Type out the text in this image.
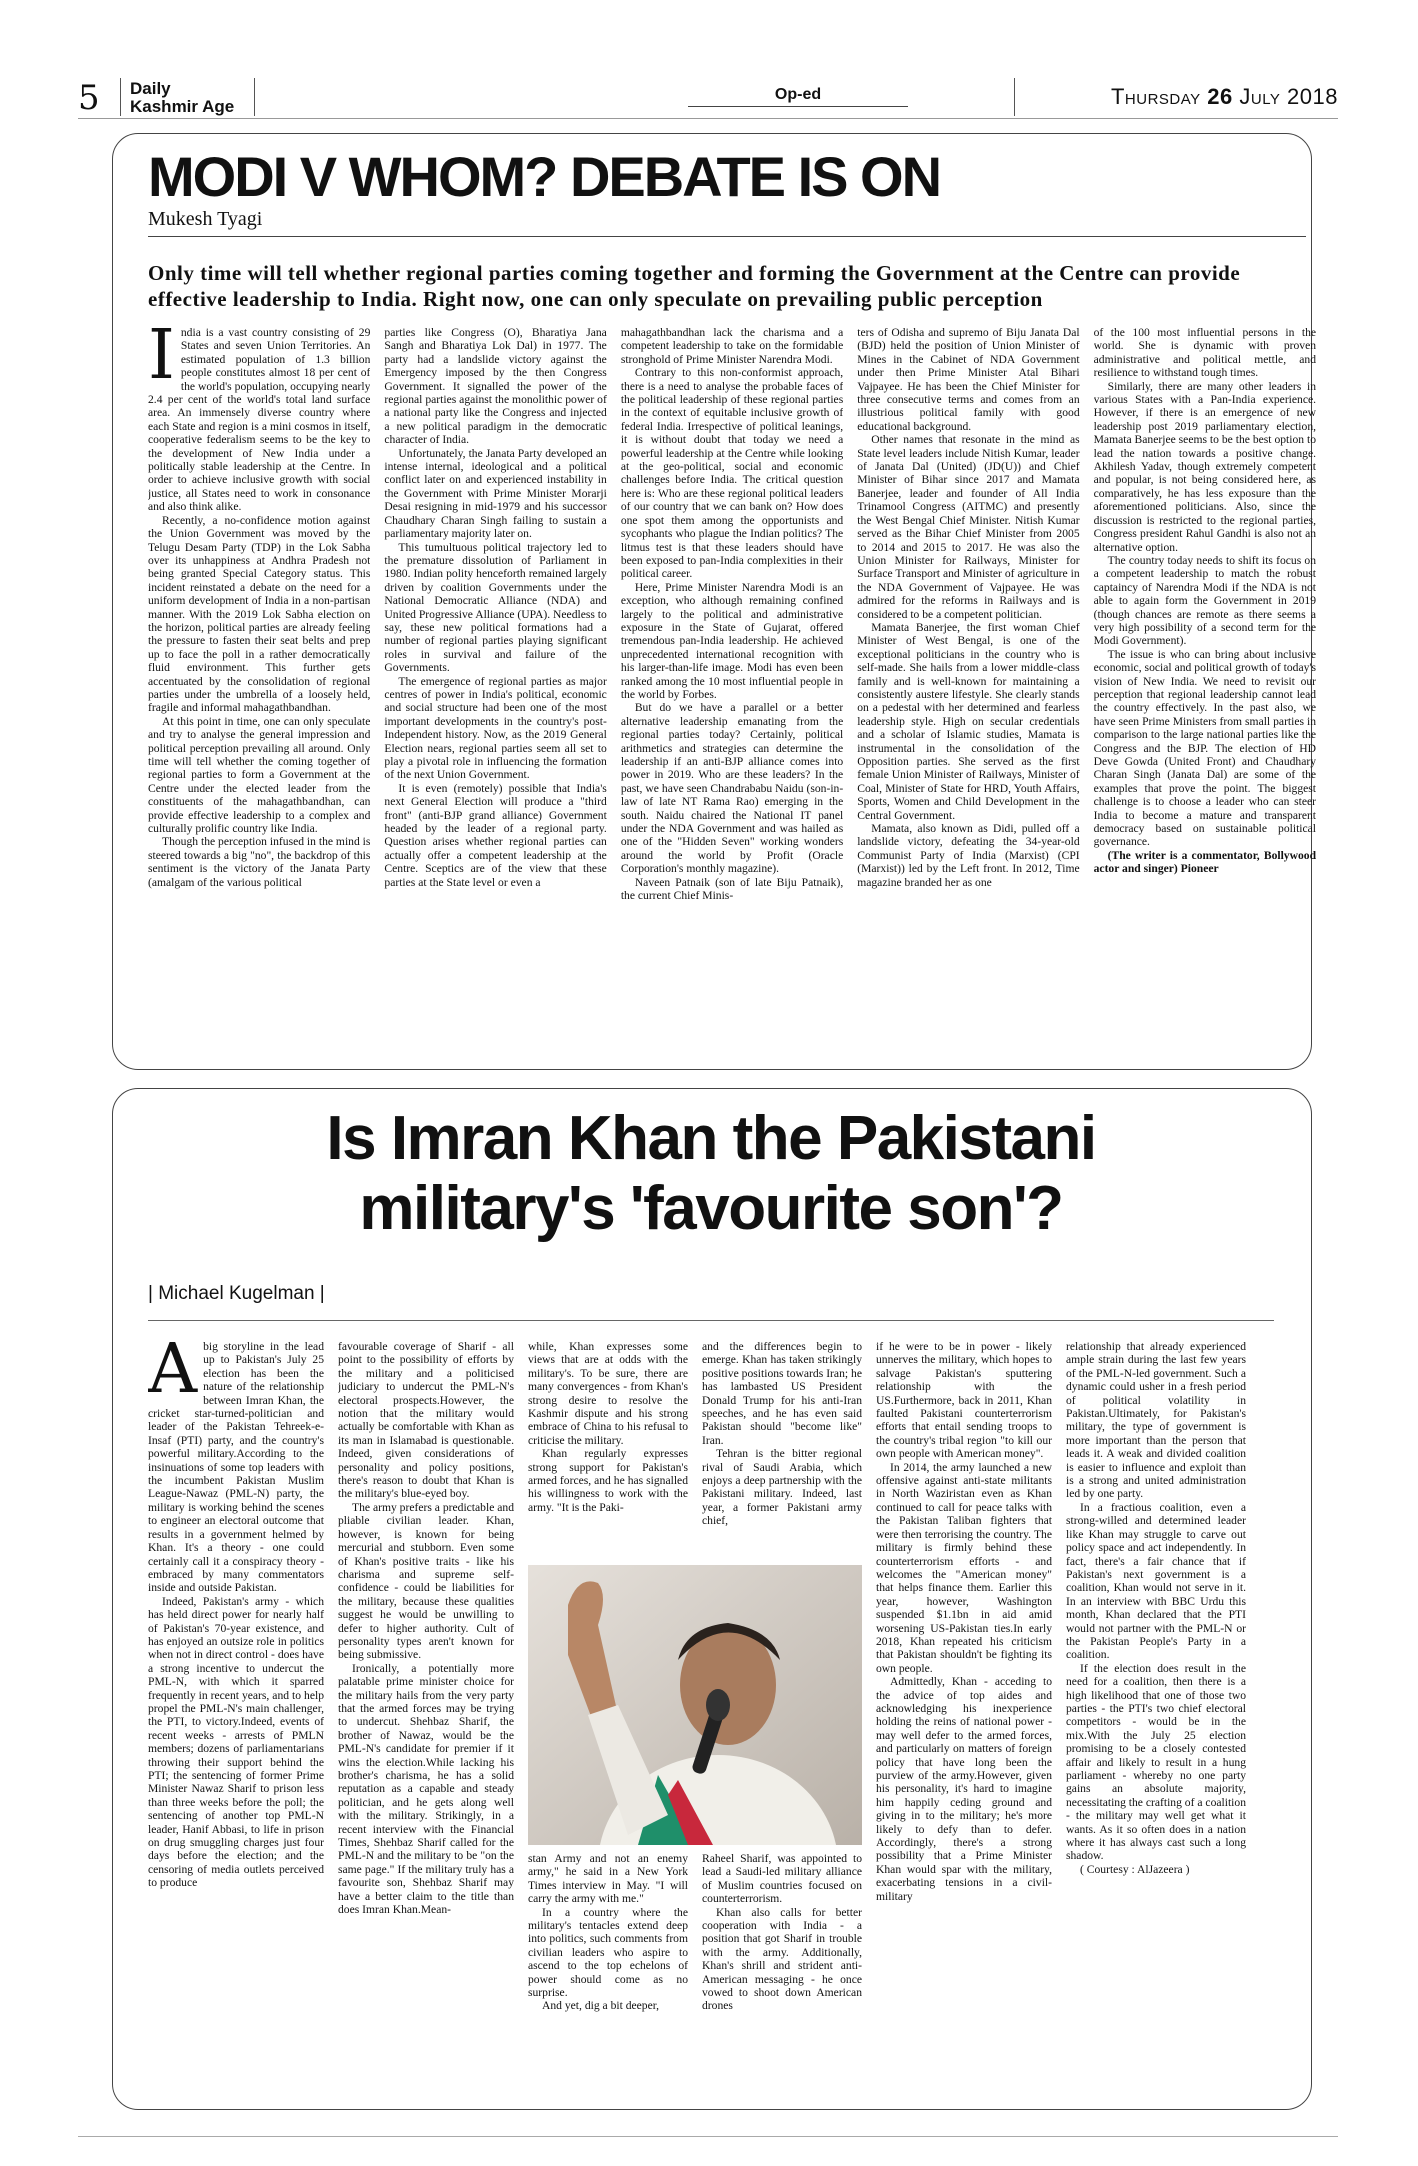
5 Daily
Kashmir Age
Op-ed	Thursday 26 July 2018
MODI V WHOM? DEBATE IS ON
Mukesh Tyagi
Only time will tell whether regional parties coming together and forming the Government at the Centre can provide effective leadership to India. Right now, one can only speculate on prevailing public perception

India is a vast country consisting of 29 States and seven Union Territories. An estimated population of 1.3 billion people constitutes almost 18 per cent of the world's population, occupying nearly 2.4 per cent of the world's total land surface area. An immensely diverse country where each State and region is a mini cosmos in itself, cooperative federalism seems to be the key to the development of New India under a politically stable leadership at the Centre. In order to achieve inclusive growth with social justice, all States need to work in consonance and also think alike.

Recently, a no-confidence motion against the Union Government was moved by the Telugu Desam Party (TDP) in the Lok Sabha over its unhappiness at Andhra Pradesh not being granted Special Category status. This incident reinstated a debate on the need for a uniform development of India in a non-partisan manner. With the 2019 Lok Sabha election on the horizon, political parties are already feeling the pressure to fasten their seat belts and prep up to face the poll in a rather democratically fluid environment. This further gets accentuated by the consolidation of regional parties under the umbrella of a loosely held, fragile and informal mahagathbandhan.

At this point in time, one can only speculate and try to analyse the general impression and political perception prevailing all around. Only time will tell whether the coming together of regional parties to form a Government at the Centre under the elected leader from the constituents of the mahagathbandhan, can provide effective leadership to a complex and culturally prolific country like India.

Though the perception infused in the mind is steered towards a big "no", the backdrop of this sentiment is the victory of the Janata Party (amalgam of the various political

parties like Congress (O), Bharatiya Jana Sangh and Bharatiya Lok Dal) in 1977. The party had a landslide victory against the Emergency imposed by the then Congress Government. It signalled the power of the regional parties against the monolithic power of a national party like the Congress and injected a new political paradigm in the democratic character of India.

Unfortunately, the Janata Party developed an intense internal, ideological and a political conflict later on and experienced instability in the Government with Prime Minister Morarji Desai resigning in mid-1979 and his successor Chaudhary Charan Singh failing to sustain a parliamentary majority later on.

This tumultuous political trajectory led to the premature dissolution of Parliament in 1980. Indian polity henceforth remained largely driven by coalition Governments under the National Democratic Alliance (NDA) and United Progressive Alliance (UPA). Needless to say, these new political formations had a number of regional parties playing significant roles in survival and failure of the Governments.

The emergence of regional parties as major centres of power in India's political, economic and social structure had been one of the most important developments in the country's post-Independent history. Now, as the 2019 General Election nears, regional parties seem all set to play a pivotal role in influencing the formation of the next Union Government.

It is even (remotely) possible that India's next General Election will produce a "third front" (anti-BJP grand alliance) Government headed by the leader of a regional party. Question arises whether regional parties can actually offer a competent leadership at the Centre. Sceptics are of the view that these parties at the State level or even a

mahagathbandhan lack the charisma and a competent leadership to take on the formidable stronghold of Prime Minister Narendra Modi.

Contrary to this non-conformist approach, there is a need to analyse the probable faces of the political leadership of these regional parties in the context of equitable inclusive growth of federal India. Irrespective of political leanings, it is without doubt that today we need a powerful leadership at the Centre while looking at the geo-political, social and economic challenges before India. The critical question here is: Who are these regional political leaders of our country that we can bank on? How does one spot them among the opportunists and sycophants who plague the Indian politics? The litmus test is that these leaders should have been exposed to pan-India complexities in their political career.

Here, Prime Minister Narendra Modi is an exception, who although remaining confined largely to the political and administrative exposure in the State of Gujarat, offered tremendous pan-India leadership. He achieved unprecedented international recognition with his larger-than-life image. Modi has even been ranked among the 10 most influential people in the world by Forbes.

But do we have a parallel or a better alternative leadership emanating from the regional parties today? Certainly, political arithmetics and strategies can determine the leadership if an anti-BJP alliance comes into power in 2019. Who are these leaders? In the past, we have seen Chandrababu Naidu (son-in-law of late NT Rama Rao) emerging in the south. Naidu chaired the National IT panel under the NDA Government and was hailed as one of the "Hidden Seven" working wonders around the world by Profit (Oracle Corporation's monthly magazine).

Naveen Patnaik (son of late Biju Patnaik), the current Chief Minis-

ters of Odisha and supremo of Biju Janata Dal (BJD) held the position of Union Minister of Mines in the Cabinet of NDA Government under then Prime Minister Atal Bihari Vajpayee. He has been the Chief Minister for three consecutive terms and comes from an illustrious political family with good educational background.

Other names that resonate in the mind as State level leaders include Nitish Kumar, leader of Janata Dal (United) (JD(U)) and Chief Minister of Bihar since 2017 and Mamata Banerjee, leader and founder of All India Trinamool Congress (AITMC) and presently the West Bengal Chief Minister. Nitish Kumar served as the Bihar Chief Minister from 2005 to 2014 and 2015 to 2017. He was also the Union Minister for Railways, Minister for Surface Transport and Minister of agriculture in the NDA Government of Vajpayee. He was admired for the reforms in Railways and is considered to be a competent politician.

Mamata Banerjee, the first woman Chief Minister of West Bengal, is one of the exceptional politicians in the country who is self-made. She hails from a lower middle-class family and is well-known for maintaining a consistently austere lifestyle. She clearly stands on a pedestal with her determined and fearless leadership style. High on secular credentials and a scholar of Islamic studies, Mamata is instrumental in the consolidation of the Opposition parties. She served as the first female Union Minister of Railways, Minister of Coal, Minister of State for HRD, Youth Affairs, Sports, Women and Child Development in the Central Government.

Mamata, also known as Didi, pulled off a landslide victory, defeating the 34-year-old Communist Party of India (Marxist) (CPI (Marxist)) led by the Left front. In 2012, Time magazine branded her as one

of the 100 most influential persons in the world. She is dynamic with proven administrative and political mettle, and resilience to withstand tough times.

Similarly, there are many other leaders in various States with a Pan-India experience. However, if there is an emergence of new leadership post 2019 parliamentary election, Mamata Banerjee seems to be the best option to lead the nation towards a positive change. Akhilesh Yadav, though extremely competent and popular, is not being considered here, as comparatively, he has less exposure than the aforementioned politicians. Also, since the discussion is restricted to the regional parties, Congress president Rahul Gandhi is also not an alternative option.

The country today needs to shift its focus on a competent leadership to match the robust captaincy of Narendra Modi if the NDA is not able to again form the Government in 2019 (though chances are remote as there seems a very high possibility of a second term for the Modi Government).

The issue is who can bring about inclusive economic, social and political growth of today's vision of New India. We need to revisit our perception that regional leadership cannot lead the country effectively. In the past also, we have seen Prime Ministers from small parties in comparison to the large national parties like the Congress and the BJP. The election of HD Deve Gowda (United Front) and Chaudhary Charan Singh (Janata Dal) are some of the examples that prove the point. The biggest challenge is to choose a leader who can steer India to become a mature and transparent democracy based on sustainable political governance.

(The writer is a commentator, Bollywood actor and singer) Pioneer

Is Imran Khan the Pakistani
military's 'favourite son'?
| Michael Kugelman |

Abig storyline in the lead up to Pakistan's July 25 election has been the nature of the relationship between Imran Khan, the cricket star-turned-politician and leader of the Pakistan Tehreek-e-Insaf (PTI) party, and the country's powerful military.According to the insinuations of some top leaders with the incumbent Pakistan Muslim League-Nawaz (PML-N) party, the military is working behind the scenes to engineer an electoral outcome that results in a government helmed by Khan. It's a theory - one could certainly call it a conspiracy theory - embraced by many commentators inside and outside Pakistan.

Indeed, Pakistan's army - which has held direct power for nearly half of Pakistan's 70-year existence, and has enjoyed an outsize role in politics when not in direct control - does have a strong incentive to undercut the PML-N, with which it sparred frequently in recent years, and to help propel the PML-N's main challenger, the PTI, to victory.Indeed, events of recent weeks - arrests of PMLN members; dozens of parliamentarians throwing their support behind the PTI; the sentencing of former Prime Minister Nawaz Sharif to prison less than three weeks before the poll; the sentencing of another top PML-N leader, Hanif Abbasi, to life in prison on drug smuggling charges just four days before the election; and the censoring of media outlets perceived to produce

favourable coverage of Sharif - all point to the possibility of efforts by the military and a politicised judiciary to undercut the PML-N's electoral prospects.However, the notion that the military would actually be comfortable with Khan as its man in Islamabad is questionable. Indeed, given considerations of personality and policy positions, there's reason to doubt that Khan is the military's blue-eyed boy.

The army prefers a predictable and pliable civilian leader. Khan, however, is known for being mercurial and stubborn. Even some of Khan's positive traits - like his charisma and supreme self-confidence - could be liabilities for the military, because these qualities suggest he would be unwilling to defer to higher authority. Cult of personality types aren't known for being submissive.

Ironically, a potentially more palatable prime minister choice for the military hails from the very party that the armed forces may be trying to undercut. Shehbaz Sharif, the brother of Nawaz, would be the PML-N's candidate for premier if it wins the election.While lacking his brother's charisma, he has a solid reputation as a capable and steady politician, and he gets along well with the military. Strikingly, in a recent interview with the Financial Times, Shehbaz Sharif called for the PML-N and the military to be "on the same page." If the military truly has a favourite son, Shehbaz Sharif may have a better claim to the title than does Imran Khan.Mean-

while, Khan expresses some views that are at odds with the military's. To be sure, there are many convergences - from Khan's strong desire to resolve the Kashmir dispute and his strong embrace of China to his refusal to criticise the military.

Khan regularly expresses strong support for Pakistan's armed forces, and he has signalled his willingness to work with the army. "It is the Paki-

stan Army and not an enemy army," he said in a New York Times interview in May. "I will carry the army with me."

In a country where the military's tentacles extend deep into politics, such comments from civilian leaders who aspire to ascend to the top echelons of power should come as no surprise.

And yet, dig a bit deeper,

and the differences begin to emerge. Khan has taken strikingly positive positions towards Iran; he has lambasted US President Donald Trump for his anti-Iran speeches, and he has even said Pakistan should "become like" Iran.

Tehran is the bitter regional rival of Saudi Arabia, which enjoys a deep partnership with the Pakistani military. Indeed, last year, a former Pakistani army chief,

Raheel Sharif, was appointed to lead a Saudi-led military alliance of Muslim countries focused on counterterrorism.

Khan also calls for better cooperation with India - a position that got Sharif in trouble with the army. Additionally, Khan's shrill and strident anti-American messaging - he once vowed to shoot down American drones

if he were to be in power - likely unnerves the military, which hopes to salvage Pakistan's sputtering relationship with the US.Furthermore, back in 2011, Khan faulted Pakistani counterterrorism efforts that entail sending troops to the country's tribal region "to kill our own people with American money".

In 2014, the army launched a new offensive against anti-state militants in North Waziristan even as Khan continued to call for peace talks with the Pakistan Taliban fighters that were then terrorising the country. The military is firmly behind these counterterrorism efforts - and welcomes the "American money" that helps finance them. Earlier this year, however, Washington suspended $1.1bn in aid amid worsening US-Pakistan ties.In early 2018, Khan repeated his criticism that Pakistan shouldn't be fighting its own people.

Admittedly, Khan - acceding to the advice of top aides and acknowledging his inexperience holding the reins of national power - may well defer to the armed forces, and particularly on matters of foreign policy that have long been the purview of the army.However, given his personality, it's hard to imagine him happily ceding ground and giving in to the military; he's more likely to defy than to defer. Accordingly, there's a strong possibility that a Prime Minister Khan would spar with the military, exacerbating tensions in a civil-military

relationship that already experienced ample strain during the last few years of the PML-N-led government. Such a dynamic could usher in a fresh period of political volatility in Pakistan.Ultimately, for Pakistan's military, the type of government is more important than the person that leads it. A weak and divided coalition is easier to influence and exploit than is a strong and united administration led by one party.

In a fractious coalition, even a strong-willed and determined leader like Khan may struggle to carve out policy space and act independently. In fact, there's a fair chance that if Pakistan's next government is a coalition, Khan would not serve in it. In an interview with BBC Urdu this month, Khan declared that the PTI would not partner with the PML-N or the Pakistan People's Party in a coalition.

If the election does result in the need for a coalition, then there is a high likelihood that one of those two parties - the PTI's two chief electoral competitors - would be in the mix.With the July 25 election promising to be a closely contested affair and likely to result in a hung parliament - whereby no one party gains an absolute majority, necessitating the crafting of a coalition - the military may well get what it wants. As it so often does in a nation where it has always cast such a long shadow.

( Courtesy : AlJazeera )
